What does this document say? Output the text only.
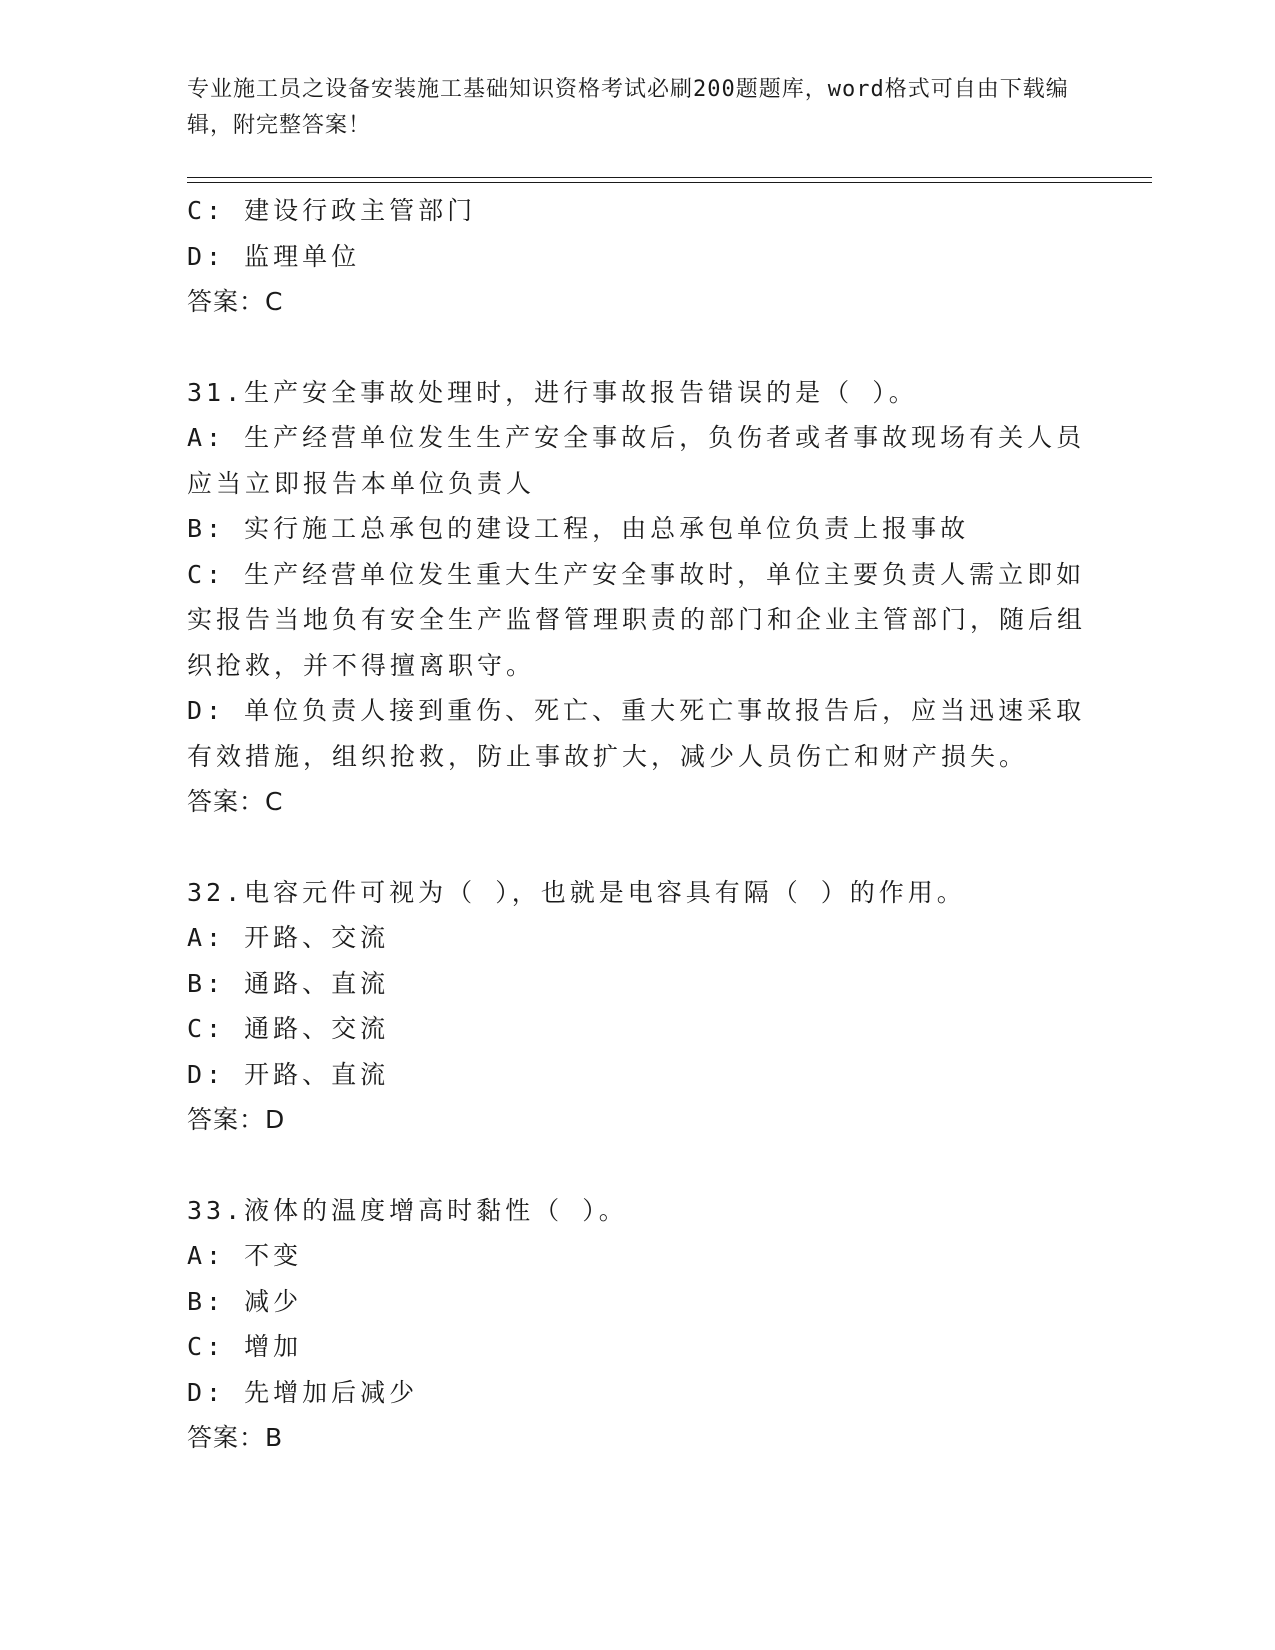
专业施工员之设备安装施工基础知识资格考试必刷200题题库，word格式可自由下载编辑，附完整答案！
C: 建设行政主管部门
D: 监理单位
答案：C
31.生产安全事故处理时，进行事故报告错误的是（ ）。
A: 生产经营单位发生生产安全事故后，负伤者或者事故现场有关人员应当立即报告本单位负责人
B: 实行施工总承包的建设工程，由总承包单位负责上报事故
C: 生产经营单位发生重大生产安全事故时，单位主要负责人需立即如实报告当地负有安全生产监督管理职责的部门和企业主管部门，随后组织抢救，并不得擅离职守。
D: 单位负责人接到重伤、死亡、重大死亡事故报告后，应当迅速采取有效措施，组织抢救，防止事故扩大，减少人员伤亡和财产损失。
答案：C
32.电容元件可视为（ ），也就是电容具有隔（ ）的作用。
A: 开路、交流
B: 通路、直流
C: 通路、交流
D: 开路、直流
答案：D
33.液体的温度增高时黏性（ ）。
A: 不变
B: 减少
C: 增加
D: 先增加后减少
答案：B
